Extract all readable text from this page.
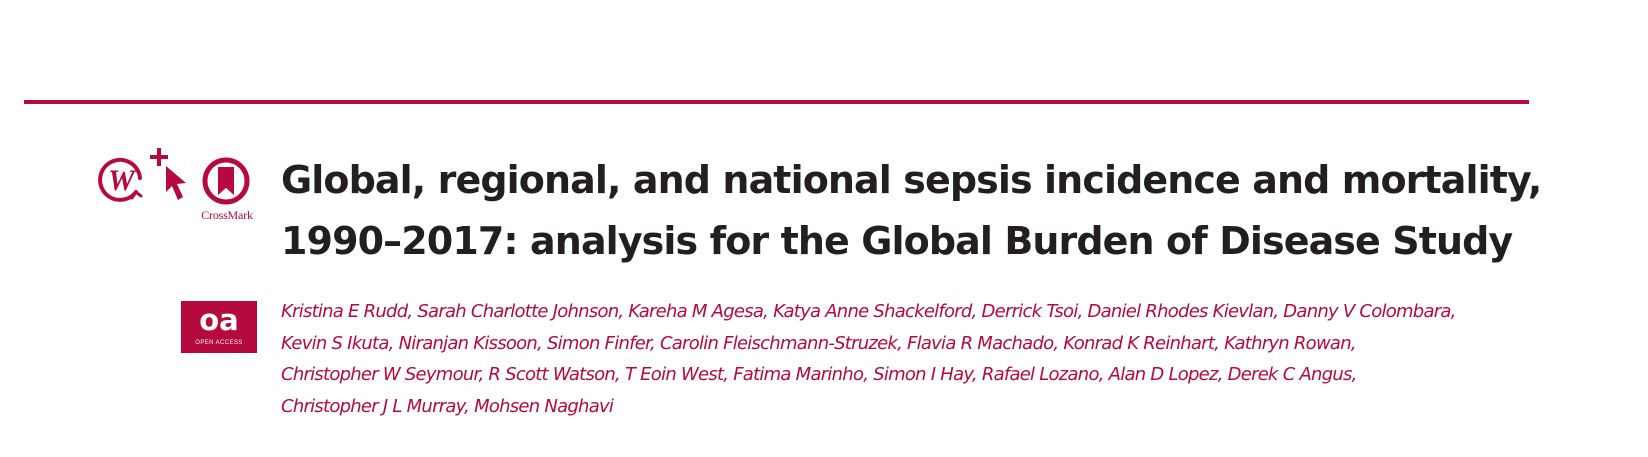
W
CrossMark
Global, regional, and national sepsis incidence and mortality,
1990–2017: analysis for the Global Burden of Disease Study
oa
OPEN ACCESS

Kristina E Rudd, Sarah Charlotte Johnson, Kareha M Agesa, Katya Anne Shackelford, Derrick Tsoi, Daniel Rhodes Kievlan, Danny V Colombara,
Kevin S Ikuta, Niranjan Kissoon, Simon Finfer, Carolin Fleischmann-Struzek, Flavia R Machado, Konrad K Reinhart, Kathryn Rowan,
Christopher W Seymour, R Scott Watson, T Eoin West, Fatima Marinho, Simon I Hay, Rafael Lozano, Alan D Lopez, Derek C Angus,
Christopher J L Murray, Mohsen Naghavi
